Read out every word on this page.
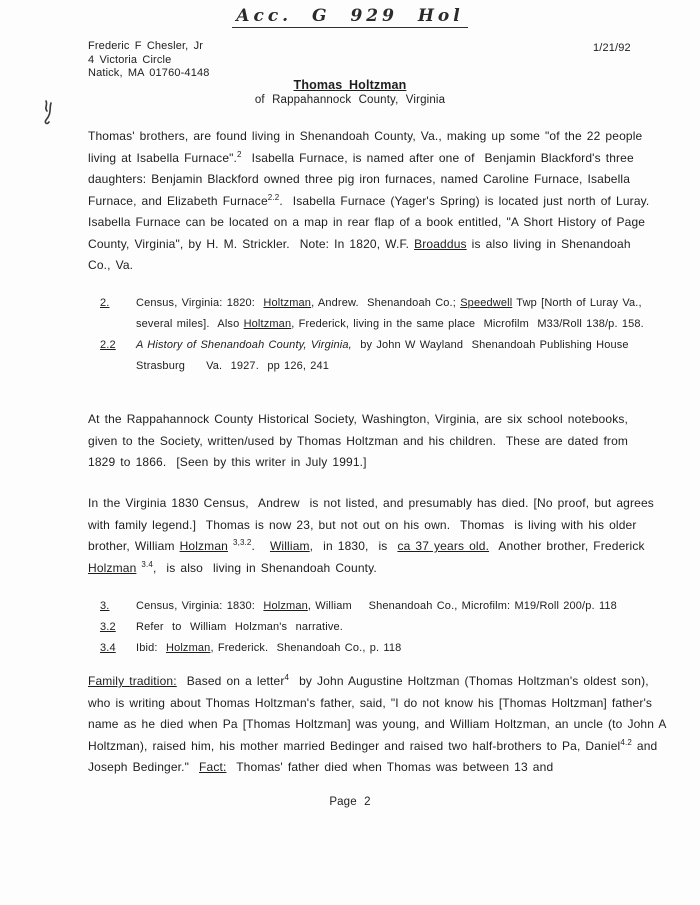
Acc. G 929 Hol
Frederic F Chesler, Jr
4 Victoria Circle
Natick, MA 01760-4148
1/21/92
Thomas Holtzman
of Rappahannock County, Virginia
Thomas' brothers, are found living in Shenandoah County, Va., making up some "of the 22 people living at Isabella Furnace".$^2$  Isabella Furnace, is named after one of  Benjamin Blackford's three daughters: Benjamin Blackford owned three pig iron furnaces, named Caroline Furnace, Isabella Furnace, and Elizabeth Furnace$^{2.2}$.  Isabella Furnace (Yager's Spring) is located just north of Luray.  Isabella Furnace can be located on a map in rear flap of a book entitled, "A Short History of Page County, Virginia", by H. M. Strickler.  Note: In 1820, W.F. Broaddus is also living in Shenandoah Co., Va.
2.	Census, Virginia: 1820:  Holtzman, Andrew.  Shenandoah Co.; Speedwell Twp [North of Luray Va., several miles].  Also Holtzman, Frederick, living in the same place  Microfilm  M33/Roll 138/p. 158.
2.2	A History of Shenandoah County, Virginia,  by John W Wayland  Shenandoah Publishing House  Strasburg     Va.  1927.  pp 126, 241
At the Rappahannock County Historical Society, Washington, Virginia, are six school notebooks, given to the Society, written/used by Thomas Holtzman and his children.  These are dated from 1829 to 1866.  [Seen by this writer in July 1991.]
In the Virginia 1830 Census,  Andrew  is not listed, and presumably has died. [No proof, but agrees with family legend.]  Thomas is now 23, but not out on his own.  Thomas  is living with his older brother, William Holzman $^{3,3.2}$.   William,  in 1830,  is  ca 37 years old.  Another brother, Frederick Holzman $^{3.4}$,  is also  living in Shenandoah County.
3.	Census, Virginia: 1830:  Holzman, William    Shenandoah Co., Microfilm: M19/Roll 200/p. 118
3.2	Refer  to  William  Holzman's  narrative.
3.4	Ibid:  Holzman, Frederick.  Shenandoah Co., p. 118
Family tradition:  Based on a letter$^4$  by John Augustine Holtzman (Thomas Holtzman's oldest son), who is writing about Thomas Holtzman's father, said, "I do not know his [Thomas Holtzman] father's name as he died when Pa [Thomas Holtzman] was young, and William Holtzman, an uncle (to John A Holtzman), raised him, his mother married Bedinger and raised two half-brothers to Pa, Daniel$^{4.2}$ and Joseph Bedinger."  Fact:  Thomas' father died when Thomas was between 13 and
Page 2
